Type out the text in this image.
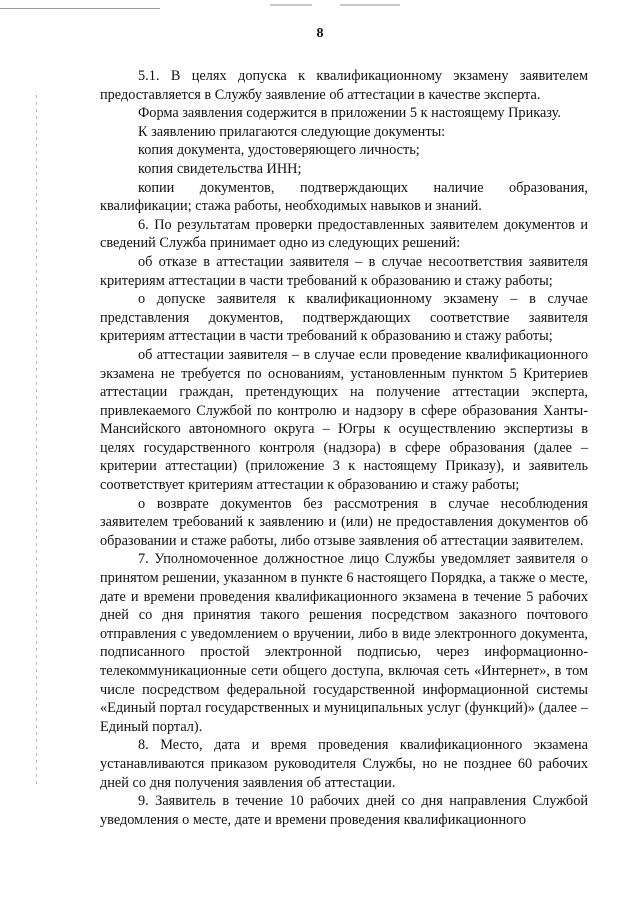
8

5.1. В целях допуска к квалификационному экзамену заявителем предоставляется в Службу заявление об аттестации в качестве эксперта.

Форма заявления содержится в приложении 5 к настоящему Приказу.

К заявлению прилагаются следующие документы:

копия документа, удостоверяющего личность;

копия свидетельства ИНН;

копии документов, подтверждающих наличие образования, квалификации; стажа работы, необходимых навыков и знаний.

6. По результатам проверки предоставленных заявителем документов и сведений Служба принимает одно из следующих решений:

об отказе в аттестации заявителя – в случае несоответствия заявителя критериям аттестации в части требований к образованию и стажу работы;

о допуске заявителя к квалификационному экзамену – в случае представления документов, подтверждающих соответствие заявителя критериям аттестации в части требований к образованию и стажу работы;

об аттестации заявителя – в случае если проведение квалификационного экзамена не требуется по основаниям, установленным пунктом 5 Критериев аттестации граждан, претендующих на получение аттестации эксперта, привлекаемого Службой по контролю и надзору в сфере образования Ханты-Мансийского автономного округа – Югры к осуществлению экспертизы в целях государственного контроля (надзора) в сфере образования (далее – критерии аттестации) (приложение 3 к настоящему Приказу), и заявитель соответствует критериям аттестации к образованию и стажу работы;

о возврате документов без рассмотрения в случае несоблюдения заявителем требований к заявлению и (или) не предоставления документов об образовании и стаже работы, либо отзыве заявления об аттестации заявителем.

7. Уполномоченное должностное лицо Службы уведомляет заявителя о принятом решении, указанном в пункте 6 настоящего Порядка, а также о месте, дате и времени проведения квалификационного экзамена в течение 5 рабочих дней со дня принятия такого решения посредством заказного почтового отправления с уведомлением о вручении, либо в виде электронного документа, подписанного простой электронной подписью, через информационно-телекоммуникационные сети общего доступа, включая сеть «Интернет», в том числе посредством федеральной государственной информационной системы «Единый портал государственных и муниципальных услуг (функций)» (далее – Единый портал).

8. Место, дата и время проведения квалификационного экзамена устанавливаются приказом руководителя Службы, но не позднее 60 рабочих дней со дня получения заявления об аттестации.

9. Заявитель в течение 10 рабочих дней со дня направления Службой уведомления о месте, дате и времени проведения квалификационного
